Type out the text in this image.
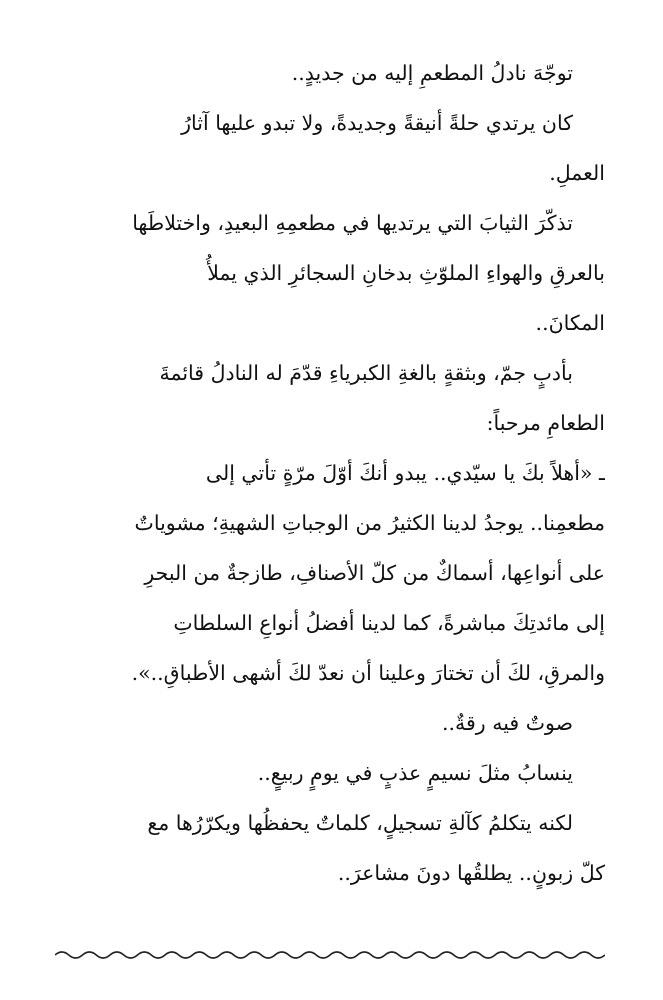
توجّهَ نادلُ المطعمِ إليه من جديدٍ..

كان يرتدي حلةً أنيقةً وجديدةً، ولا تبدو عليها آثارُ
العملِ.

تذكّرَ الثيابَ التي يرتديها في مطعمِهِ البعيدِ، واختلاطَها
بالعرقِ والهواءِ الملوّثِ بدخانِ السجائرِ الذي يملأُ
المكانَ..

بأدبٍ جمّ، وبثقةٍ بالغةِ الكبرياءِ قدّمَ له النادلُ قائمةَ
الطعامِ مرحباً:

ـ «أهلاً بكَ يا سيّدي.. يبدو أنكَ أوّلَ مرّةٍ تأتي إلى
مطعمِنا.. يوجدُ لدينا الكثيرُ من الوجباتِ الشهيةِ؛ مشوياتٌ
على أنواعِها، أسماكٌ من كلّ الأصنافِ، طازجةٌ من البحرِ
إلى مائدتِكَ مباشرةً، كما لدينا أفضلُ أنواعِ السلطاتِ
والمرقِ، لكَ أن تختارَ وعلينا أن نعدّ لكَ أشهى الأطباقِ..».

صوتٌ فيه رقةٌ..

ينسابُ مثلَ نسيمٍ عذبٍ في يومٍ ربيعٍ..

لكنه يتكلمُ كآلةِ تسجيلٍ، كلماتٌ يحفظُها ويكرّرُها مع
كلّ زبونٍ.. يطلقُها دونَ مشاعرَ..
